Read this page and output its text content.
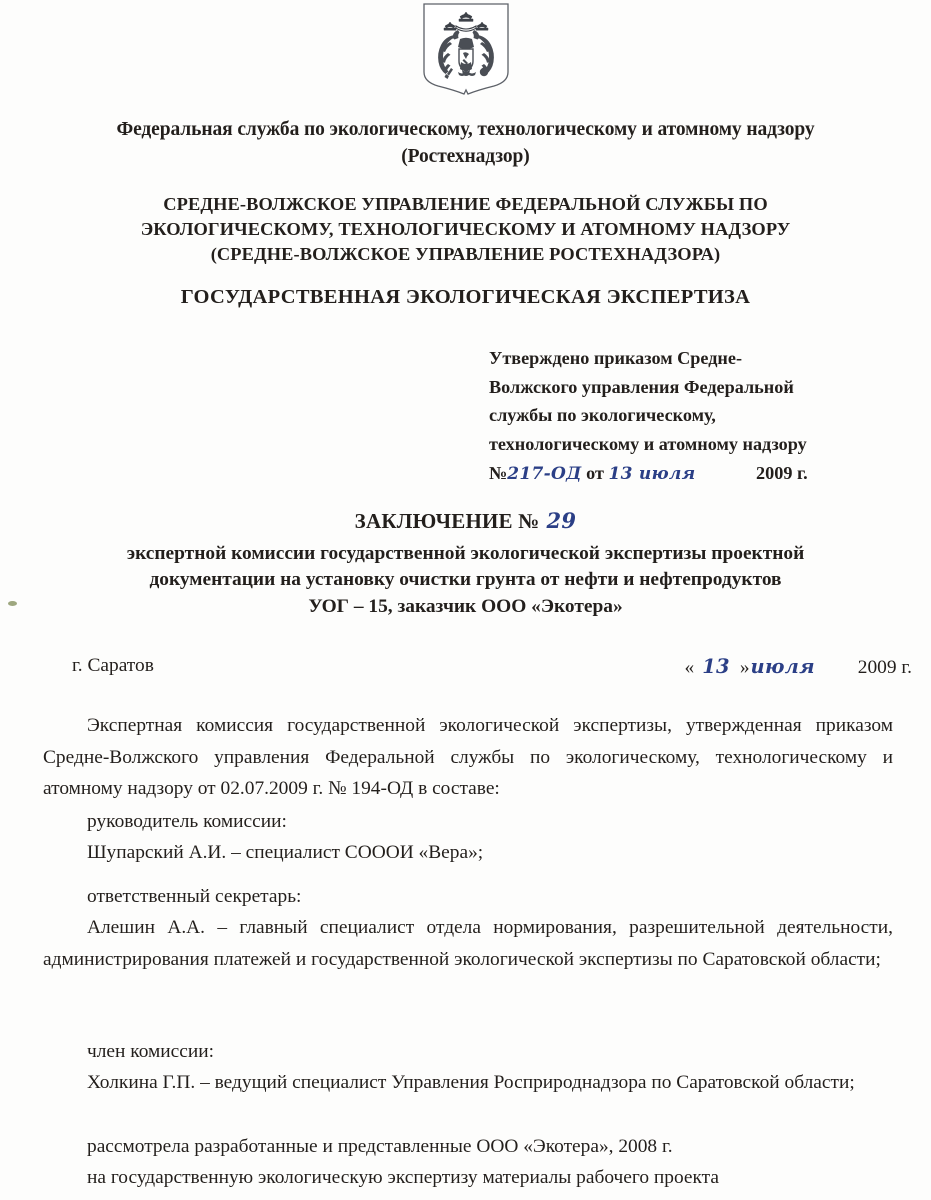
Федеральная служба по экологическому, технологическому и атомному надзору
(Ростехнадзор)
СРЕДНЕ-ВОЛЖСКОЕ УПРАВЛЕНИЕ ФЕДЕРАЛЬНОЙ СЛУЖБЫ ПО
ЭКОЛОГИЧЕСКОМУ, ТЕХНОЛОГИЧЕСКОМУ И АТОМНОМУ НАДЗОРУ
(СРЕДНЕ-ВОЛЖСКОЕ УПРАВЛЕНИЕ РОСТЕХНАДЗОРА)
ГОСУДАРСТВЕННАЯ ЭКОЛОГИЧЕСКАЯ ЭКСПЕРТИЗА
Утверждено приказом Средне-
Волжского управления Федеральной
службы по экологическому,
технологическому и атомному надзору
№217-ОД от 13 июля	2009 г.
ЗАКЛЮЧЕНИЕ № 29
экспертной комиссии государственной экологической экспертизы проектной
документации на установку очистки грунта от нефти и нефтепродуктов
УОГ – 15, заказчик ООО «Экотера»
г. Саратов	« 13 »июля 2009 г.
Экспертная комиссия государственной экологической экспертизы, утвержденная приказом Средне-Волжского управления Федеральной службы по экологическому, технологическому и атомному надзору от 02.07.2009 г. № 194-ОД в составе:
руководитель комиссии:
Шупарский А.И. – специалист СОООИ «Вера»;
ответственный секретарь:
Алешин А.А. – главный специалист отдела нормирования, разрешительной деятельности, администрирования платежей и государственной экологической экспертизы по Саратовской области;
член комиссии:
Холкина Г.П. – ведущий специалист Управления Росприроднадзора по Саратовской области;
рассмотрела разработанные и представленные ООО «Экотера», 2008 г.
на государственную экологическую экспертизу материалы рабочего проекта
